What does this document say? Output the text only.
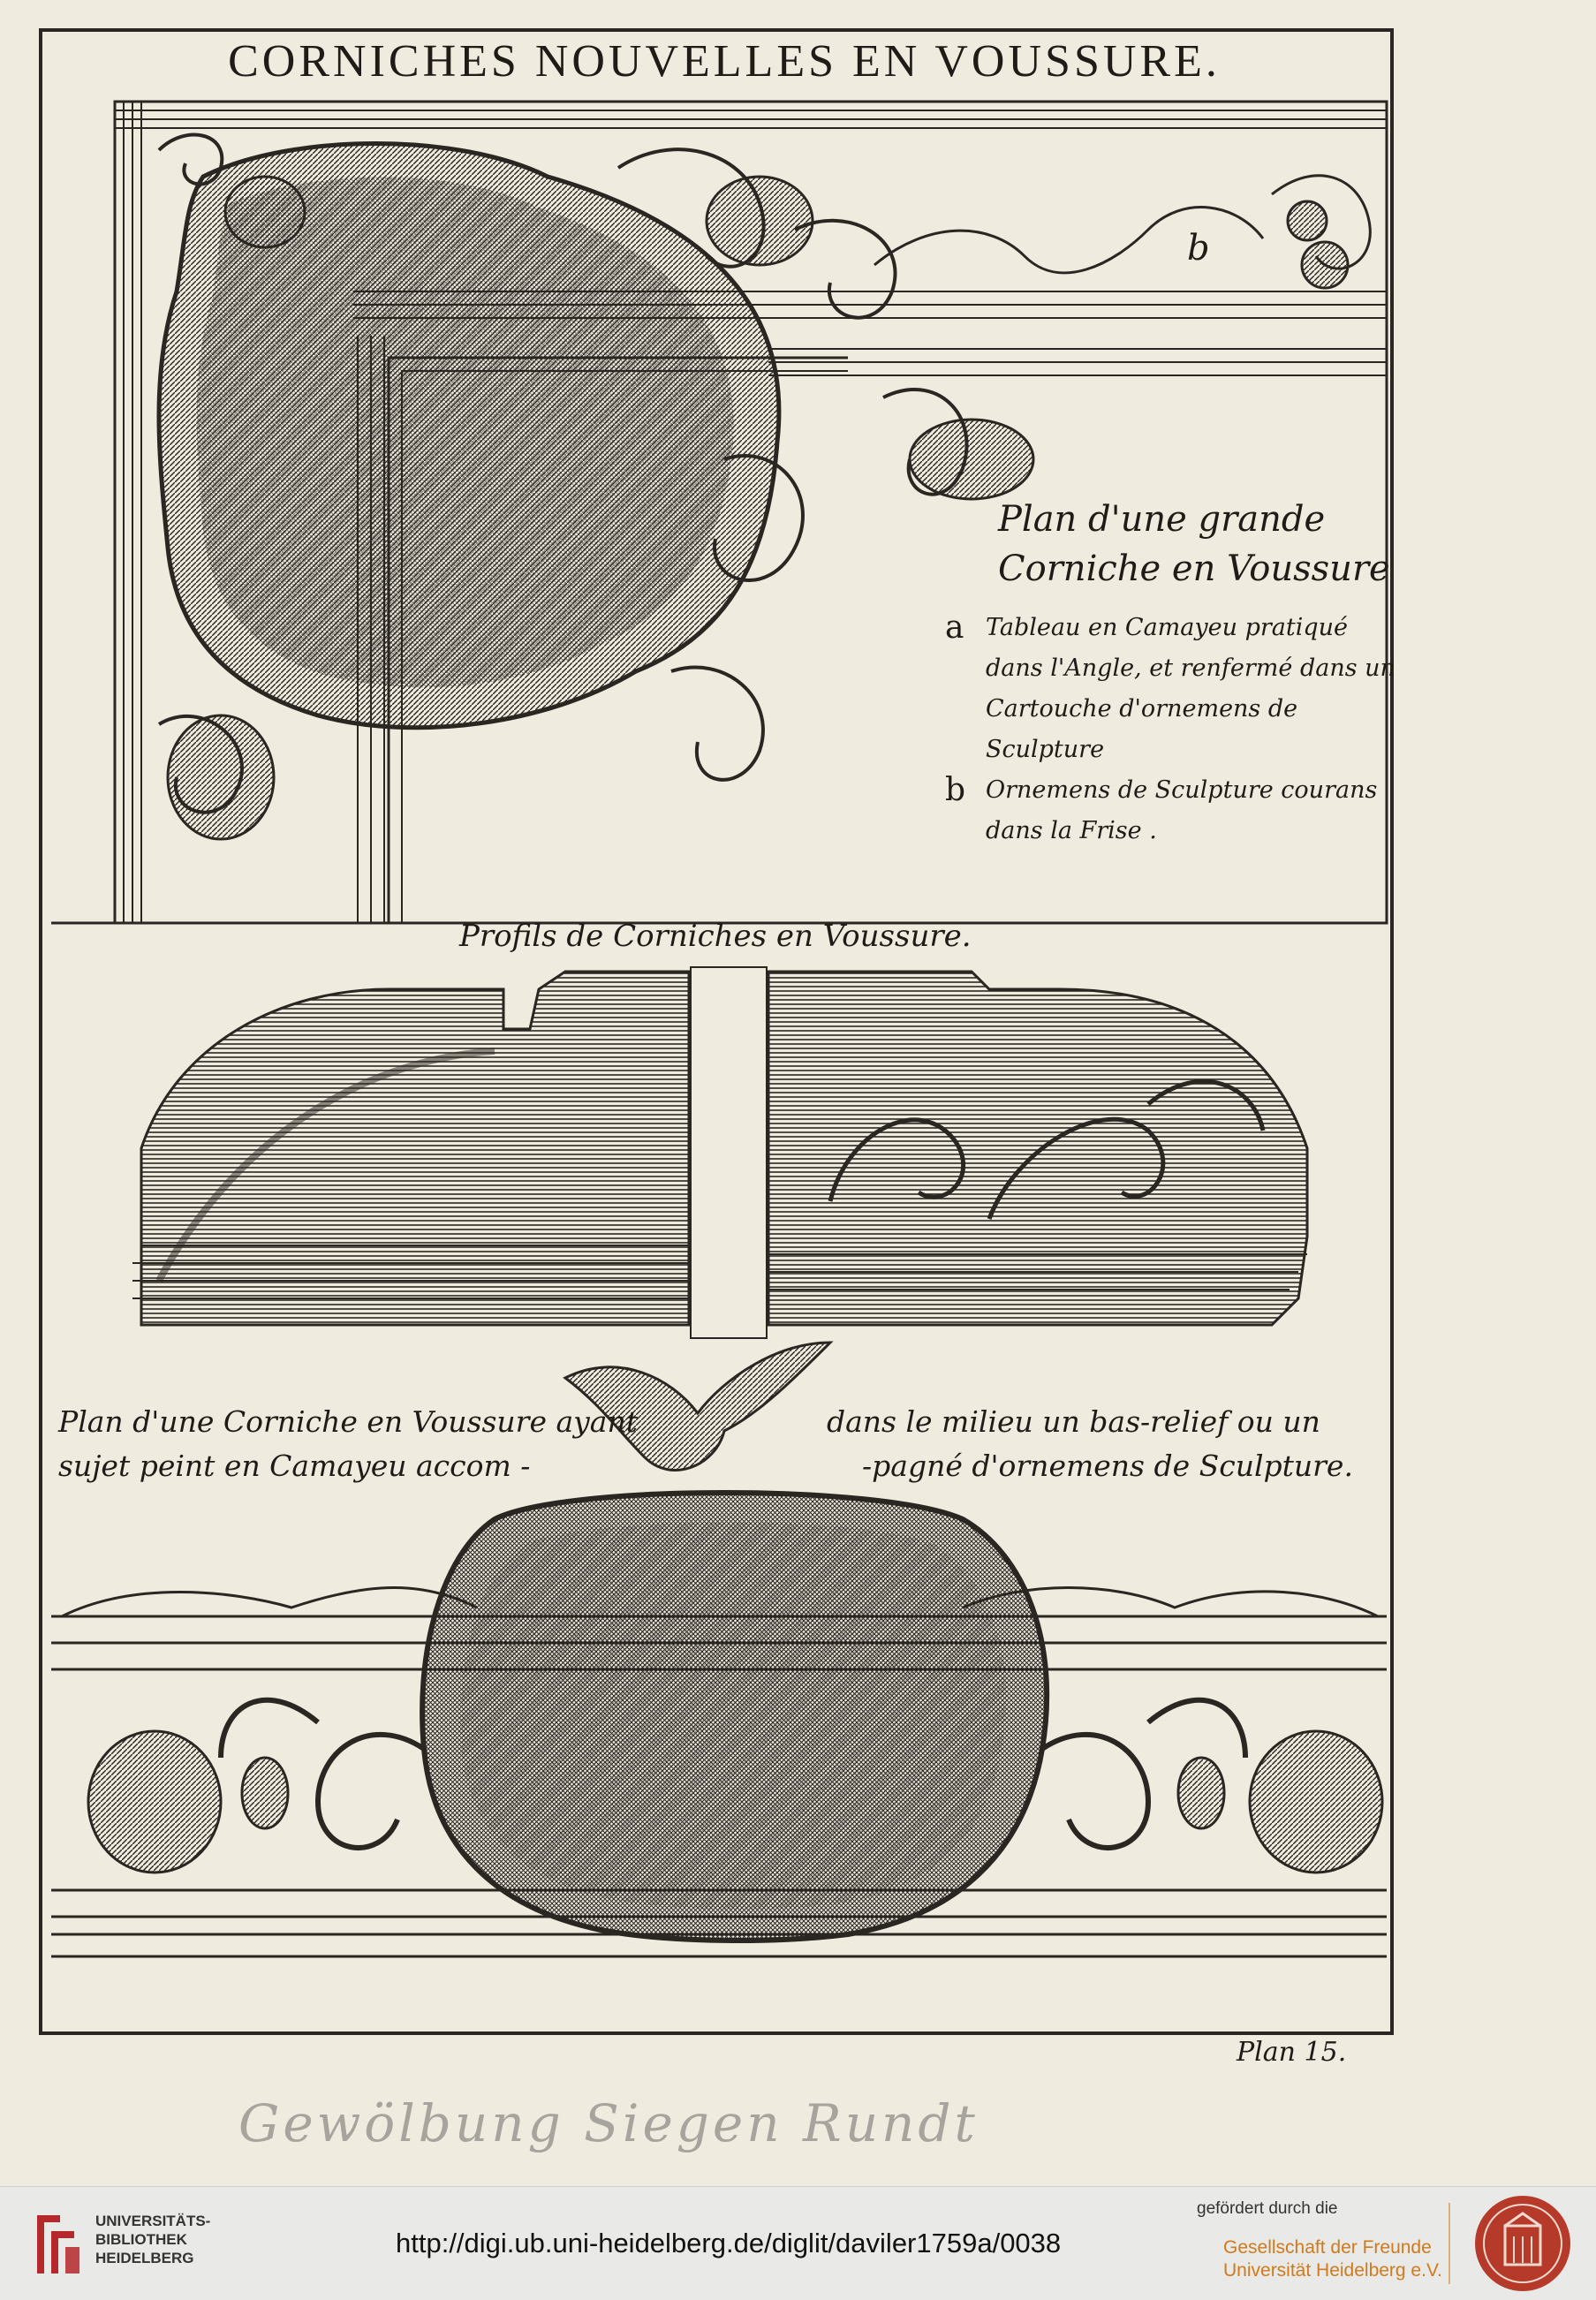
CORNICHES NOUVELLES EN VOUSSURE.
b
Plan d'une grande
Corniche en Voussure
a Tableau en Camayeu pratiqué dans l'Angle, et renfermé dans un Cartouche d'ornemens de Sculpture
b Ornemens de Sculpture courans dans la Frise .
Profils de Corniches en Voussure.
Plan d'une Corniche en Voussure ayant
sujet peint en Camayeu accom -
dans le milieu un bas-relief ou un
-pagné d'ornemens de Sculpture.
Plan 15.
Gewölbung Siegen Rundt
UNIVERSITÄTS-
BIBLIOTHEK
HEIDELBERG	http://digi.ub.uni-heidelberg.de/diglit/daviler1759a/0038
gefördert durch die
Gesellschaft der Freunde
Universität Heidelberg e.V.
